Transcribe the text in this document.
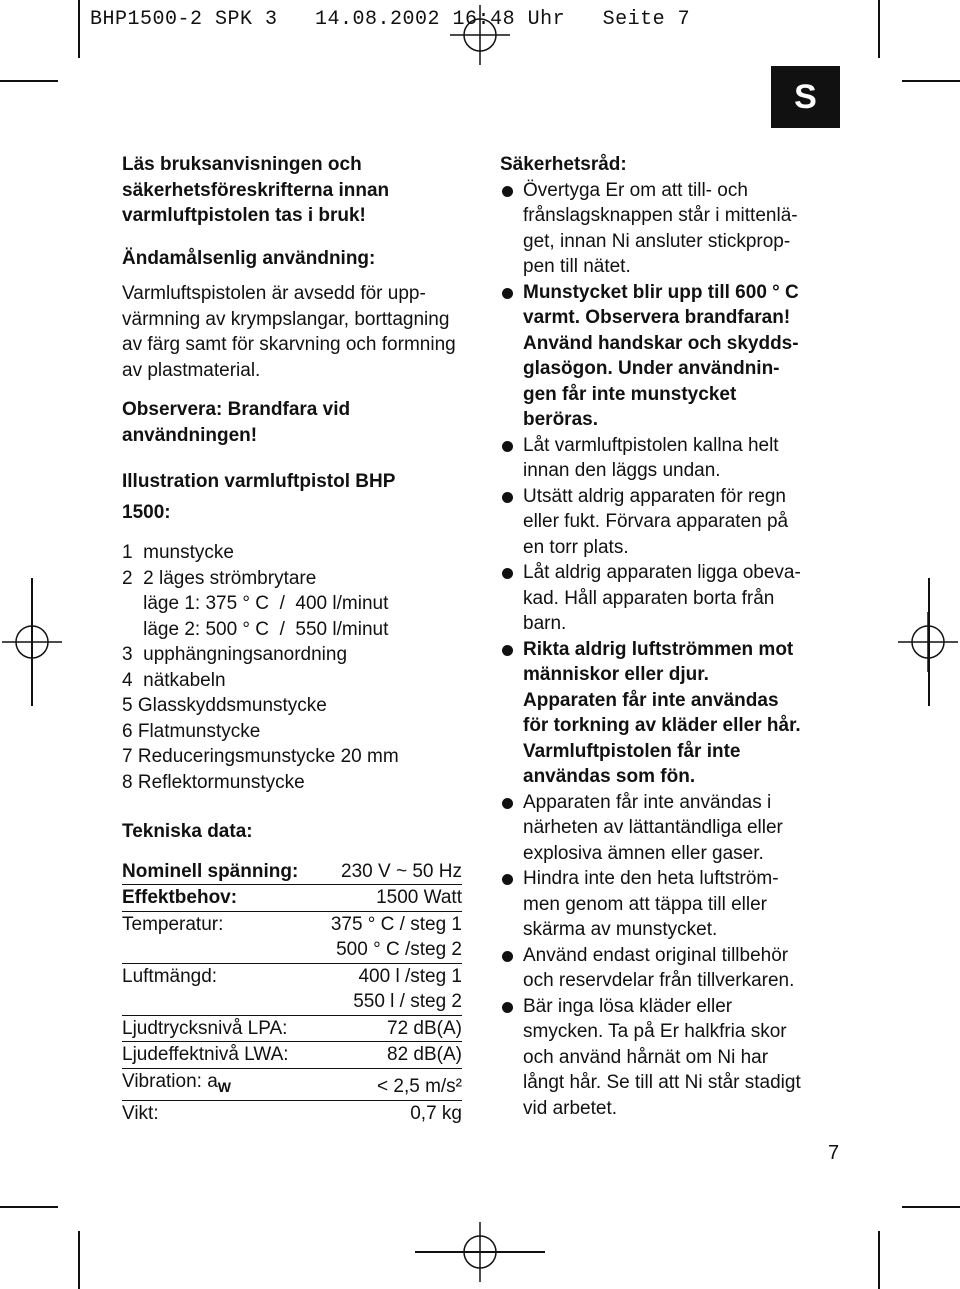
BHP1500-2 SPK 3   14.08.2002 16:48 Uhr   Seite 7
S

Läs bruksanvisningen och

säkerhetsföreskrifterna innan

varmluftpistolen tas i bruk!

Ändamålsenlig användning:

Varmluftspistolen är avsedd för upp-

värmning av krympslangar, borttagning

av färg samt för skarvning och formning

av plastmaterial.

Observera: Brandfara vid

användningen!

Illustration varmluftpistol BHP

1500:

1  munstycke

2  2 läges strömbrytare

läge 1: 375 ° C  /  400 l/minut

läge 2: 500 ° C  /  550 l/minut

3  upphängningsanordning

4  nätkabeln

5 Glasskyddsmunstycke

6 Flatmunstycke

7 Reduceringsmunstycke 20 mm

8 Reflektormunstycke

Tekniska data:

Nominell spänning:	230 V ~ 50 Hz
Effektbehov:	1500 Watt
Temperatur:	375 ° C / steg 1
	500 ° C /steg 2
Luftmängd:	400 l /steg 1
	550 l / steg 2
Ljudtrycksnivå LPA:	72 dB(A)
Ljudeffektnivå LWA:	82 dB(A)
Vibration: $a_W$	< 2,5 m/s²
Vikt:	0,7 kg

Säkerhetsråd:

Övertyga Er om att till- och

frånslagsknappen står i mittenlä-

get, innan Ni ansluter stickprop-

pen till nätet.

Munstycket blir upp till 600 ° C

varmt. Observera brandfaran!

Använd handskar och skydds-

glasögon. Under användnin-

gen får inte munstycket

beröras.

Låt varmluftpistolen kallna helt

innan den läggs undan.

Utsätt aldrig apparaten för regn

eller fukt. Förvara apparaten på

en torr plats.

Låt aldrig apparaten ligga obeva-

kad. Håll apparaten borta från

barn.

Rikta aldrig luftströmmen mot

människor eller djur.

Apparaten får inte användas

för torkning av kläder eller hår.

Varmluftpistolen får inte

användas som fön.

Apparaten får inte användas i

närheten av lättantändliga eller

explosiva ämnen eller gaser.

Hindra inte den heta luftström-

men genom att täppa till eller

skärma av munstycket.

Använd endast original tillbehör

och reservdelar från tillverkaren.

Bär inga lösa kläder eller

smycken. Ta på Er halkfria skor

och använd hårnät om Ni har

långt hår. Se till att Ni står stadigt

vid arbetet.

7
